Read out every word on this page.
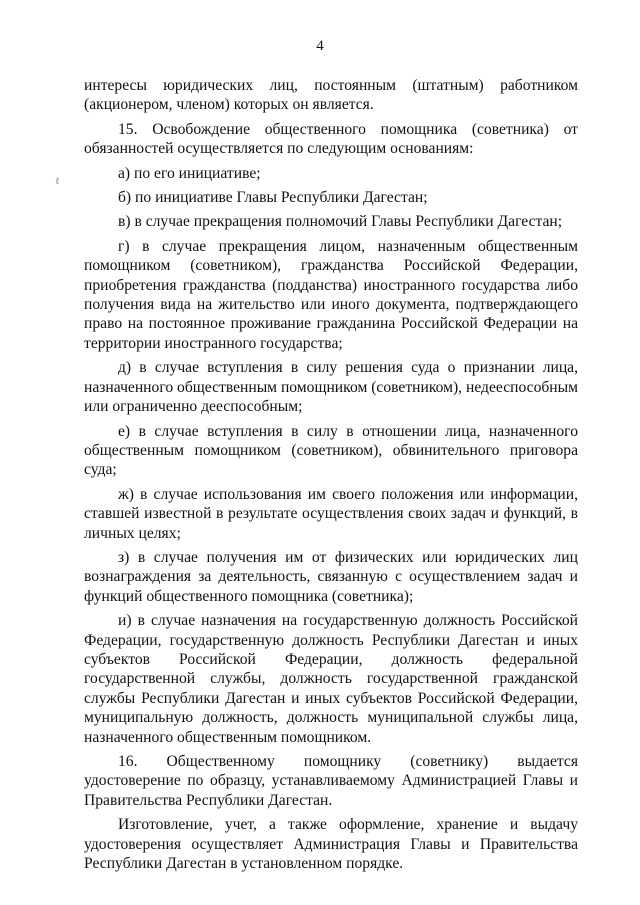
4
ℓ

интересы юридических лиц, постоянным (штатным) работником (акционером, членом) которых он является.

15. Освобождение общественного помощника (советника) от обязанностей осуществляется по следующим основаниям:

а) по его инициативе;

б) по инициативе Главы Республики Дагестан;

в) в случае прекращения полномочий Главы Республики Дагестан;

г) в случае прекращения лицом, назначенным общественным помощником (советником), гражданства Российской Федерации, приобретения гражданства (подданства) иностранного государства либо получения вида на жительство или иного документа, подтверждающего право на постоянное проживание гражданина Российской Федерации на территории иностранного государства;

д) в случае вступления в силу решения суда о признании лица, назначенного общественным помощником (советником), недееспособным или ограниченно дееспособным;

е) в случае вступления в силу в отношении лица, назначенного общественным помощником (советником), обвинительного приговора суда;

ж) в случае использования им своего положения или информации, ставшей известной в результате осуществления своих задач и функций, в личных целях;

з) в случае получения им от физических или юридических лиц вознаграждения за деятельность, связанную с осуществлением задач и функций общественного помощника (советника);

и) в случае назначения на государственную должность Российской Федерации, государственную должность Республики Дагестан и иных субъектов Российской Федерации, должность федеральной государственной службы, должность государственной гражданской службы Республики Дагестан и иных субъектов Российской Федерации, муниципальную должность, должность муниципальной службы лица, назначенного общественным помощником.

16. Общественному помощнику (советнику) выдается удостоверение по образцу, устанавливаемому Администрацией Главы и Правительства Республики Дагестан.

Изготовление, учет, а также оформление, хранение и выдачу удостоверения осуществляет Администрация Главы и Правительства Республики Дагестан в установленном порядке.
